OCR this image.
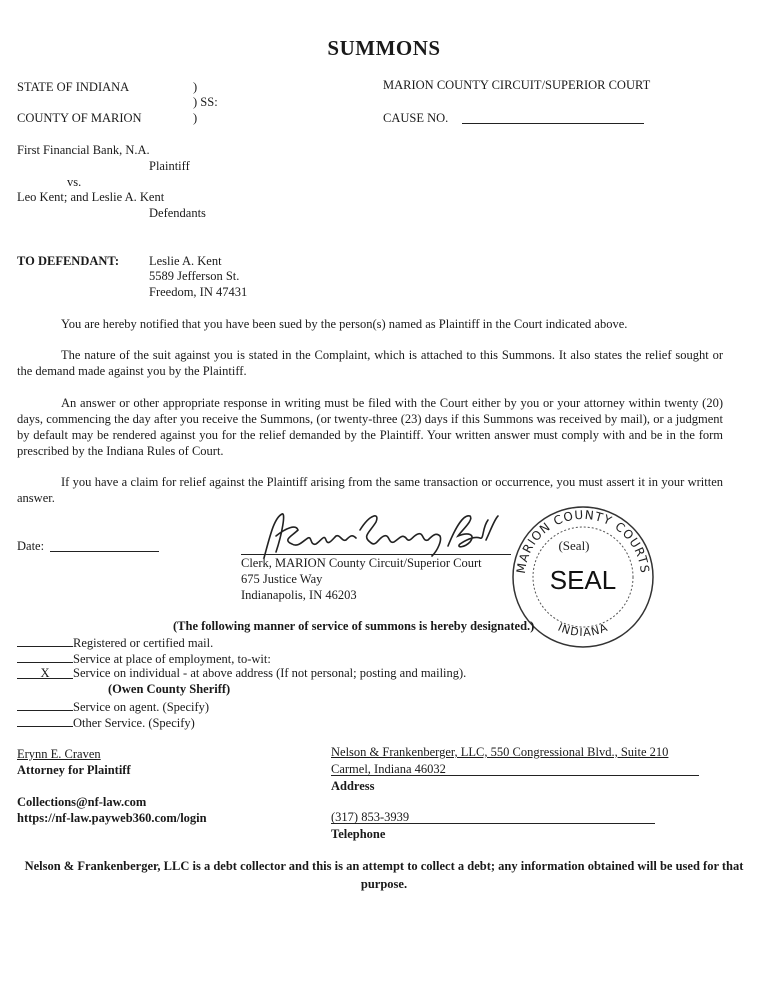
SUMMONS
STATE OF INDIANA
COUNTY OF MARION
)
) SS:
)
MARION COUNTY CIRCUIT/SUPERIOR COURT
CAUSE NO.
First Financial Bank, N.A.
Plaintiff
vs.
Leo Kent; and Leslie A. Kent
Defendants
TO DEFENDANT: Leslie A. Kent
5589 Jefferson St.
Freedom, IN 47431
You are hereby notified that you have been sued by the person(s) named as Plaintiff in the Court indicated above.
The nature of the suit against you is stated in the Complaint, which is attached to this Summons. It also states the relief sought or the demand made against you by the Plaintiff.
An answer or other appropriate response in writing must be filed with the Court either by you or your attorney within twenty (20) days, commencing the day after you receive the Summons, (or twenty-three (23) days if this Summons was received by mail), or a judgment by default may be rendered against you for the relief demanded by the Plaintiff. Your written answer must comply with and be in the form prescribed by the Indiana Rules of Court.
If you have a claim for relief against the Plaintiff arising from the same transaction or occurrence, you must assert it in your written answer.
Date:
Clerk, MARION County Circuit/Superior Court
675 Justice Way
Indianapolis, IN 46203
MARION COUNTY COURTS
INDIANA
(Seal)
SEAL
(The following manner of service of summons is hereby designated.)
Registered or certified mail.
Service at place of employment, to-wit:
X Service on individual - at above address (If not personal; posting and mailing).
(Owen County Sheriff)
Service on agent. (Specify)
Other Service. (Specify)
Erynn E. Craven
Attorney for Plaintiff
Collections@nf-law.com
https://nf-law.payweb360.com/login
Nelson & Frankenberger, LLC, 550 Congressional Blvd., Suite 210
Carmel, Indiana 46032
Address
(317) 853-3939
Telephone
Nelson & Frankenberger, LLC is a debt collector and this is an attempt to collect a debt; any information obtained will be used for that purpose.
